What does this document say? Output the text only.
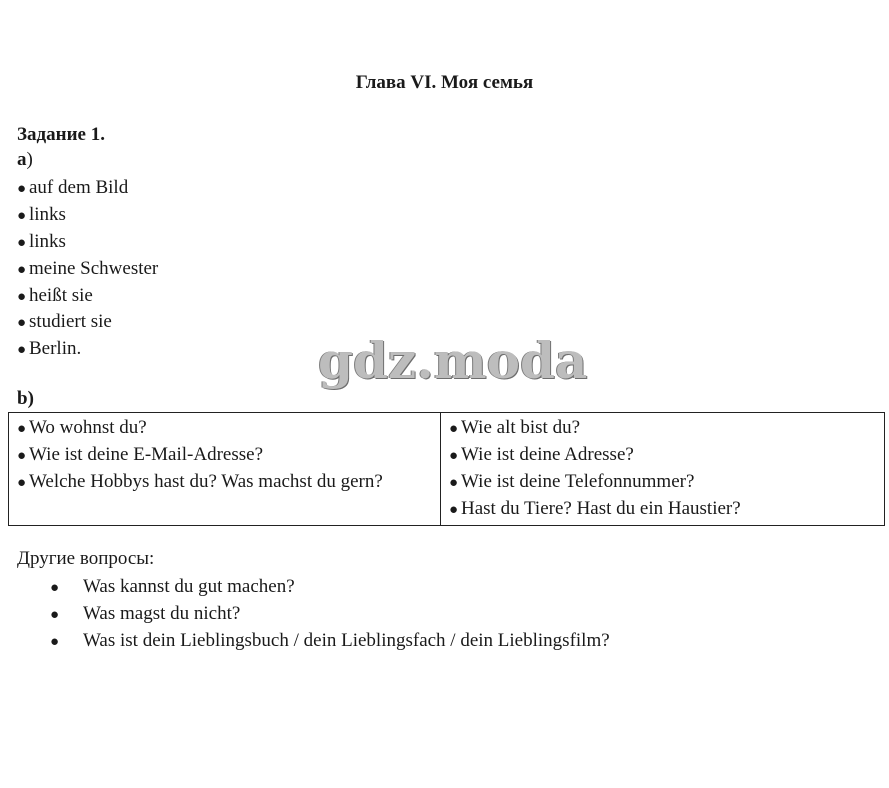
Глава VI. Моя семья
Задание 1.
a)
● auf dem Bild
● links
● links
● meine Schwester
● heißt sie
● studiert sie
● Berlin.	gdz.moda
b)
● Wo wohnst du?
● Wie ist deine E-Mail-Adresse?
● Welche Hobbys hast du? Was machst du gern?

● Wie alt bist du?
● Wie ist deine Adresse?
● Wie ist deine Telefonnummer?
● Hast du Tiere? Hast du ein Haustier?
Другие вопросы:
● Was kannst du gut machen?
● Was magst du nicht?
● Was ist dein Lieblingsbuch / dein Lieblingsfach / dein Lieblingsfilm?
